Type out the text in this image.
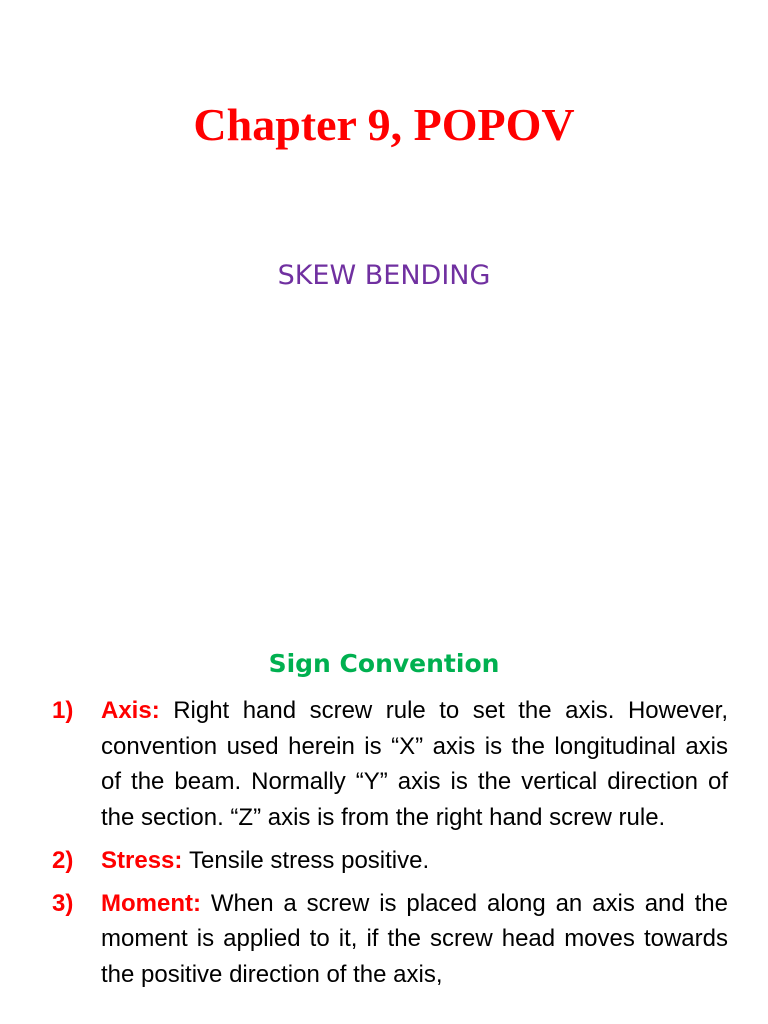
Chapter 9, POPOV
SKEW BENDING
Sign Convention
1) Axis: Right hand screw rule to set the axis. However, convention used herein is “X” axis is the longitudinal axis of the beam. Normally “Y” axis is the vertical direction of the section. “Z” axis is from the right hand screw rule.
2) Stress: Tensile stress positive.
3) Moment: When a screw is placed along an axis and the moment is applied to it, if the screw head moves towards the positive direction of the axis,
